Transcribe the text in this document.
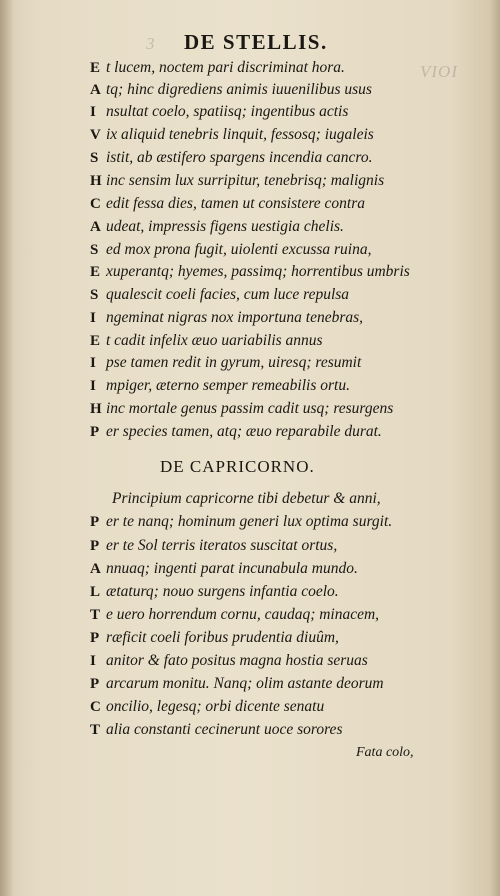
3
VIOI
DE STELLIS.
E t lucem, noctem pari discriminat hora.
A tq; hinc digrediens animis iuuenilibus usus
I nsultat coelo, spatiisq; ingentibus actis
V ix aliquid tenebris linquit, fessosq; iugaleis
S istit, ab æstifero spargens incendia cancro.
H inc sensim lux surripitur, tenebrisq; malignis
C edit fessa dies, tamen ut consistere contra
A udeat, impressis figens uestigia chelis.
S ed mox prona fugit, uiolenti excussa ruina,
E xuperantq; hyemes, passimq; horrentibus umbris
S qualescit coeli facies, cum luce repulsa
I ngeminat nigras nox importuna tenebras,
E t cadit infelix æuo uariabilis annus
I pse tamen redit in gyrum, uiresq; resumit
I mpiger, æterno semper remeabilis ortu.
H inc mortale genus passim cadit usq; resurgens
P er species tamen, atq; æuo reparabile durat.
DE CAPRICORNO.
Principium capricorne tibi debetur & anni,
P er te nanq; hominum generi lux optima surgit.
P er te Sol terris iteratos suscitat ortus,
A nnuaq; ingenti parat incunabula mundo.
L ætaturq; nouo surgens infantia coelo.
T e uero horrendum cornu, caudaq; minacem,
P ræficit coeli foribus prudentia diuûm,
I anitor & fato positus magna hostia seruas
P arcarum monitu. Nanq; olim astante deorum
C oncilio, legesq; orbi dicente senatu
T alia constanti cecinerunt uoce sorores
Fata colo,
